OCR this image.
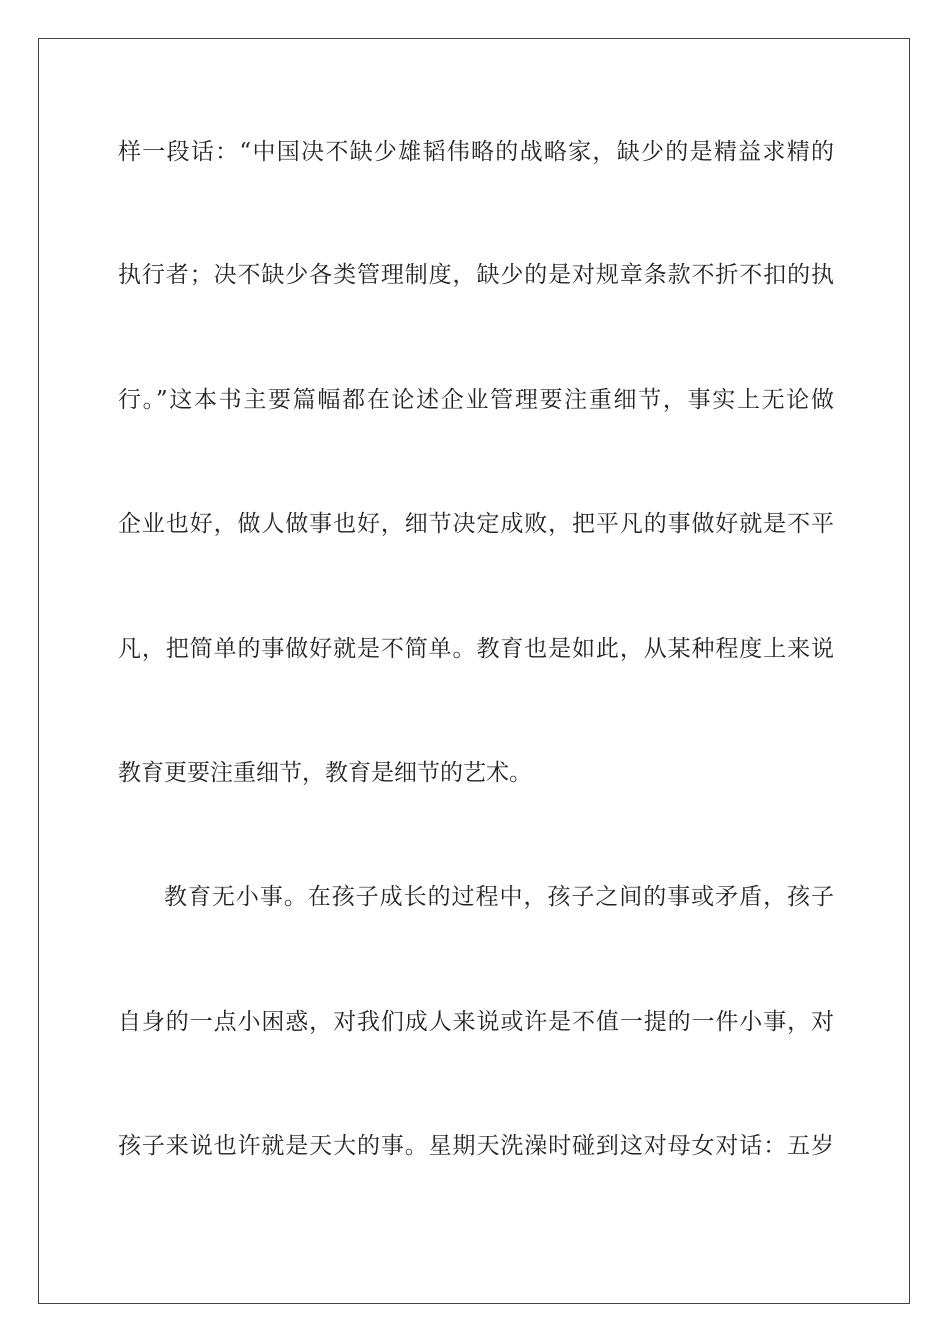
样一段话：“中国决不缺少雄韬伟略的战略家，缺少的是精益求精的
执行者；决不缺少各类管理制度，缺少的是对规章条款不折不扣的执
行。”这本书主要篇幅都在论述企业管理要注重细节，事实上无论做
企业也好，做人做事也好，细节决定成败，把平凡的事做好就是不平
凡，把简单的事做好就是不简单。教育也是如此，从某种程度上来说
教育更要注重细节，教育是细节的艺术。
教育无小事。在孩子成长的过程中，孩子之间的事或矛盾，孩子
自身的一点小困惑，对我们成人来说或许是不值一提的一件小事，对
孩子来说也许就是天大的事。星期天洗澡时碰到这对母女对话：五岁
